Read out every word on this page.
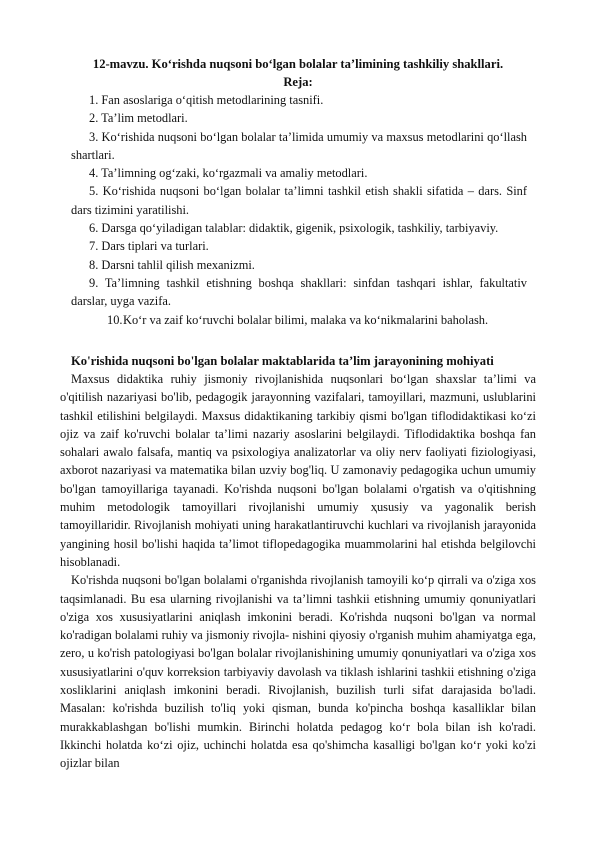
12-mavzu. Ko‘rishda nuqsoni bo‘lgan bolalar ta’limining tashkiliy shakllari.
Reja:
1. Fan asoslariga o‘qitish metodlarining tasnifi.
2. Ta’lim metodlari.
3. Ko‘rishida nuqsoni bo‘lgan bolalar ta’limida umumiy va maxsus metodlarini qo‘llash shartlari.
4. Ta’limning og‘zaki, ko‘rgazmali va amaliy metodlari.
5. Ko‘rishida nuqsoni bo‘lgan bolalar ta’limni tashkil etish shakli sifatida – dars. Sinf dars tizimini yaratilishi.
6. Darsga qo‘yiladigan talablar: didaktik, gigenik, psixologik, tashkiliy, tarbiyaviy.
7. Dars tiplari va turlari.
8. Darsni tahlil qilish mexanizmi.
9. Ta’limning tashkil etishning boshqa shakllari: sinfdan tashqari ishlar, fakultativ darslar, uyga vazifa.
10.Ko‘r va zaif ko‘ruvchi bolalar bilimi, malaka va ko‘nikmalarini baholash.
Ko'rishida nuqsoni bo'lgan bolalar maktablarida ta’lim jarayonining mohiyati

Maxsus didaktika ruhiy jismoniy rivojlanishida nuqsonlari bo‘lgan shaxslar ta’limi va o'qitilish nazariyasi bo'lib, pedagogik jarayonning vazifalari, tamoyillari, mazmuni, uslublarini tashkil etilishini belgilaydi. Maxsus didaktikaning tarkibiy qismi bo'lgan tiflodidaktikasi ko‘zi ojiz va zaif ko'ruvchi bolalar ta’limi nazariy asoslarini belgilaydi. Tiflodidaktika boshqa fan sohalari awalo falsafa, mantiq va psixologiya analizatorlar va oliy nerv faoliyati fiziologiyasi, axborot nazariyasi va matematika bilan uzviy bog'liq. U zamonaviy pedagogika uchun umumiy bo'lgan tamoyillariga tayanadi. Ko'rishda nuqsoni bo'lgan bolalami o'rgatish va o'qitishning muhim metodologik tamoyillari rivojlanishi umumiy ҳususiy va yagonalik berish tamoyillaridir. Rivojlanish mohiyati uning harakatlantiruvchi kuchlari va rivojlanish jarayonida yangining hosil bo'lishi haqida ta’limot tiflopedagogika muammolarini hal etishda belgilovchi hisoblanadi.

Ko'rishda nuqsoni bo'lgan bolalami o'rganishda rivojlanish tamoyili ko‘p qirrali va o'ziga xos taqsimlanadi. Bu esa ularning rivojlanishi va ta’limni tashkii etishning umumiy qonuniyatlari o'ziga xos xususiyatlarini aniqlash imkonini beradi. Ko'rishda nuqsoni bo'lgan va normal ko'radigan bolalami ruhiy va jismoniy rivojla- nishini qiyosiy o'rganish muhim ahamiyatga ega, zero, u ko'rish patologiyasi bo'lgan bolalar rivojlanishining umumiy qonuniyatlari va o'ziga xos xususiyatlarini o'quv korreksion tarbiyaviy davolash va tiklash ishlarini tashkii etishning o'ziga xosliklarini aniqlash imkonini beradi. Rivojlanish, buzilish turli sifat darajasida bo'ladi. Masalan: ko'rishda buzilish to'liq yoki qisman, bunda ko'pincha boshqa kasalliklar bilan murakkablashgan bo'lishi mumkin. Birinchi holatda pedagog ko‘r bola bilan ish ko'radi. Ikkinchi holatda ko‘zi ojiz, uchinchi holatda esa qo'shimcha kasalligi bo'lgan ko‘r yoki ko'zi ojizlar bilan
